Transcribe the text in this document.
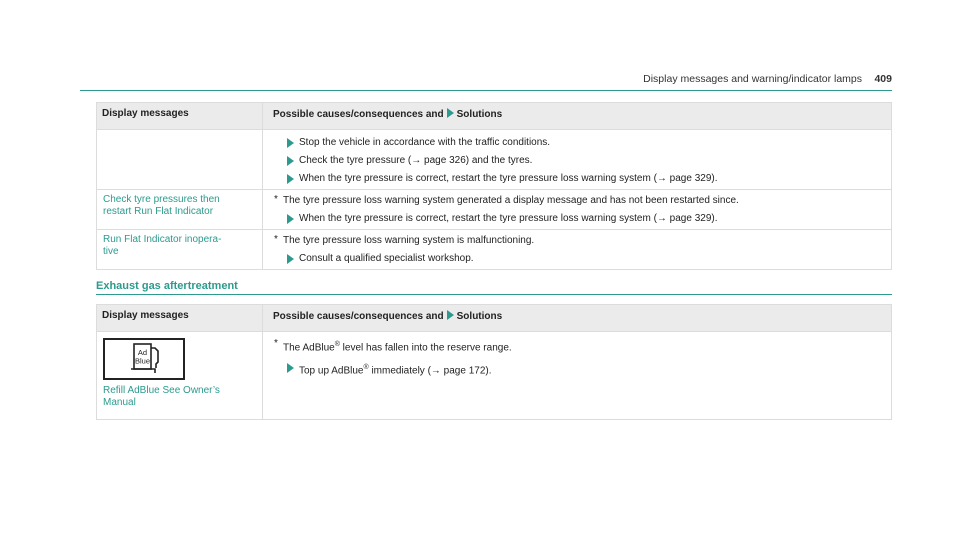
Display messages and warning/indicator lamps 409
Display messages	Possible causes/consequences and Solutions

Stop the vehicle in accordance with the traffic conditions.
Check the tyre pressure (→ page 326) and the tyres.
When the tyre pressure is correct, restart the tyre pressure loss warning system (→ page 329).

Check tyre pressures then
restart Run Flat Indicator	* The tyre pressure loss warning system generated a display message and has not been restarted since.
When the tyre pressure is correct, restart the tyre pressure loss warning system (→ page 329).

Run Flat Indicator inopera-
tive	* The tyre pressure loss warning system is malfunctioning.
Consult a qualified specialist workshop.
Exhaust gas aftertreatment
Display messages	Possible causes/consequences and Solutions

Ad
Blue
Refill AdBlue See Owner’s
Manual	* The AdBlue® level has fallen into the reserve range.
Top up AdBlue® immediately (→ page 172).
